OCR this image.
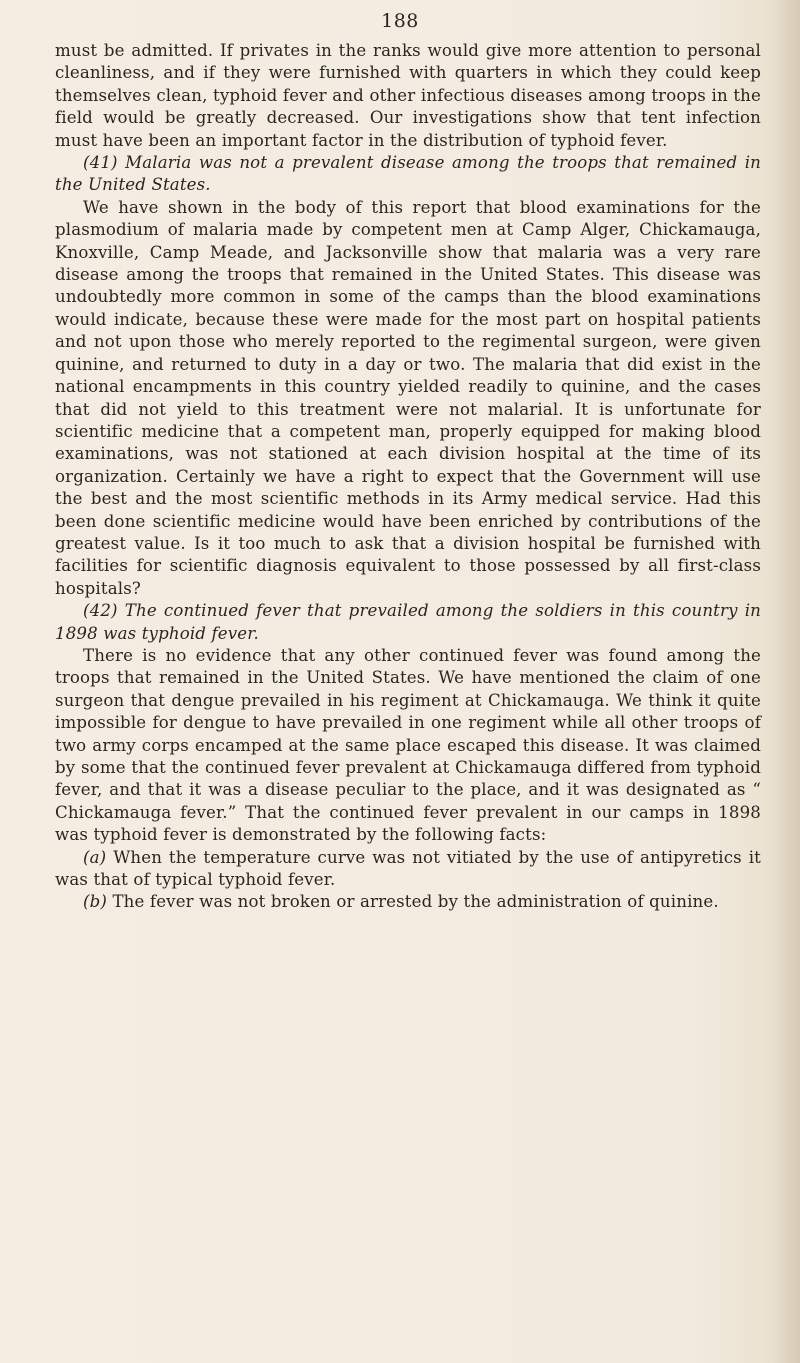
188

must be admitted. If privates in the ranks would give more attention to personal cleanliness, and if they were furnished with quarters in which they could keep themselves clean, typhoid fever and other infectious diseases among troops in the field would be greatly decreased. Our investigations show that tent infection must have been an important factor in the distribution of typhoid fever.

(41) Malaria was not a prevalent disease among the troops that remained in the United States.

We have shown in the body of this report that blood examinations for the plasmodium of malaria made by competent men at Camp Alger, Chickamauga, Knoxville, Camp Meade, and Jacksonville show that malaria was a very rare disease among the troops that remained in the United States. This disease was undoubtedly more common in some of the camps than the blood examinations would indicate, because these were made for the most part on hospital patients and not upon those who merely reported to the regimental surgeon, were given quinine, and returned to duty in a day or two. The malaria that did exist in the national encampments in this country yielded readily to quinine, and the cases that did not yield to this treatment were not malarial. It is unfortunate for scientific medicine that a competent man, properly equipped for making blood examinations, was not stationed at each division hospital at the time of its organization. Certainly we have a right to expect that the Government will use the best and the most scientific methods in its Army medical service. Had this been done scientific medicine would have been enriched by contributions of the greatest value. Is it too much to ask that a division hospital be furnished with facilities for scientific diagnosis equivalent to those possessed by all first-class hospitals?

(42) The continued fever that prevailed among the soldiers in this country in 1898 was typhoid fever.

There is no evidence that any other continued fever was found among the troops that remained in the United States. We have mentioned the claim of one surgeon that dengue prevailed in his regiment at Chickamauga. We think it quite impossible for dengue to have prevailed in one regiment while all other troops of two army corps encamped at the same place escaped this disease. It was claimed by some that the continued fever prevalent at Chickamauga differed from typhoid fever, and that it was a disease peculiar to the place, and it was designated as “ Chickamauga fever.” That the continued fever prevalent in our camps in 1898 was typhoid fever is demonstrated by the following facts:

(a) When the temperature curve was not vitiated by the use of antipyretics it was that of typical typhoid fever.

(b) The fever was not broken or arrested by the administration of quinine.
